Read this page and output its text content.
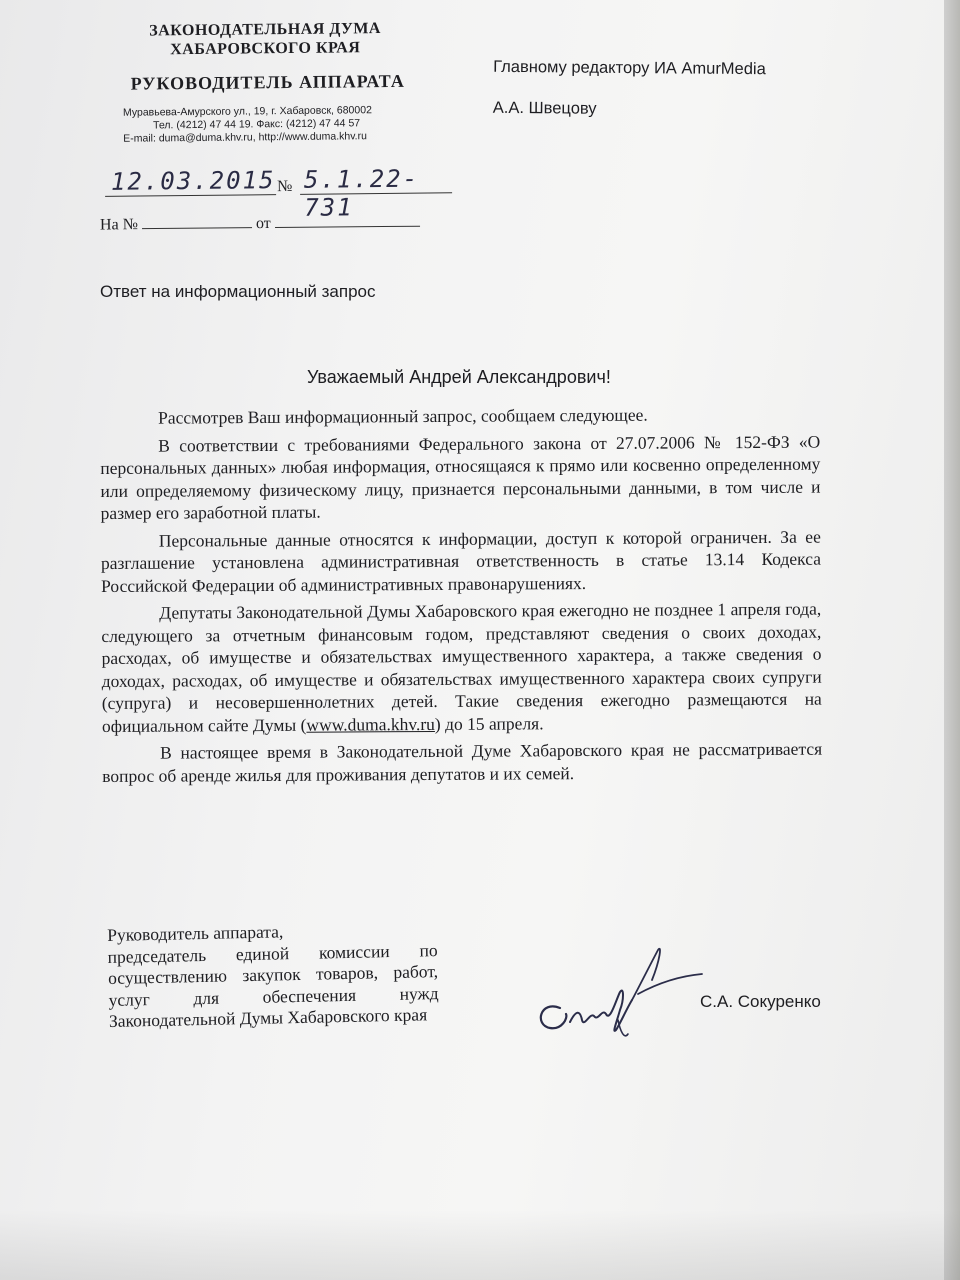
ЗАКОНОДАТЕЛЬНАЯ ДУМА
ХАБАРОВСКОГО КРАЯ
РУКОВОДИТЕЛЬ АППАРАТА
Муравьева-Амурского ул., 19, г. Хабаровск, 680002
Тел. (4212) 47 44 19. Факс: (4212) 47 44 57
E-mail: duma@duma.khv.ru, http://www.duma.khv.ru
12.03.2015 № 5.1.22-731
На №	от
Главному редактору ИА AmurMedia
А.А. Швецову
Ответ на информационный запрос
Уважаемый Андрей Александрович!

Рассмотрев Ваш информационный запрос, сообщаем следующее.

В соответствии с требованиями Федерального закона от 27.07.2006 № 152-ФЗ «О персональных данных» любая информация, относящаяся к прямо или косвенно определенному или определяемому физическому лицу, признается персональными данными, в том числе и размер его заработной платы.

Персональные данные относятся к информации, доступ к которой ограничен. За ее разглашение установлена административная ответственность в статье 13.14 Кодекса Российской Федерации об административных правонарушениях.

Депутаты Законодательной Думы Хабаровского края ежегодно не позднее 1 апреля года, следующего за отчетным финансовым годом, представляют сведения о своих доходах, расходах, об имуществе и обязательствах имущественного характера, а также сведения о доходах, расходах, об имуществе и обязательствах имущественного характера своих супруги (супруга) и несовершеннолетних детей. Такие сведения ежегодно размещаются на официальном сайте Думы (www.duma.khv.ru) до 15 апреля.

В настоящее время в Законодательной Думе Хабаровского края не рассматривается вопрос об аренде жилья для проживания депутатов и их семей.

Руководитель аппарата,
председатель единой комиссии по осуществлению закупок товаров, работ, услуг для обеспечения нужд Законодательной Думы Хабаровского края
С.А. Сокуренко
